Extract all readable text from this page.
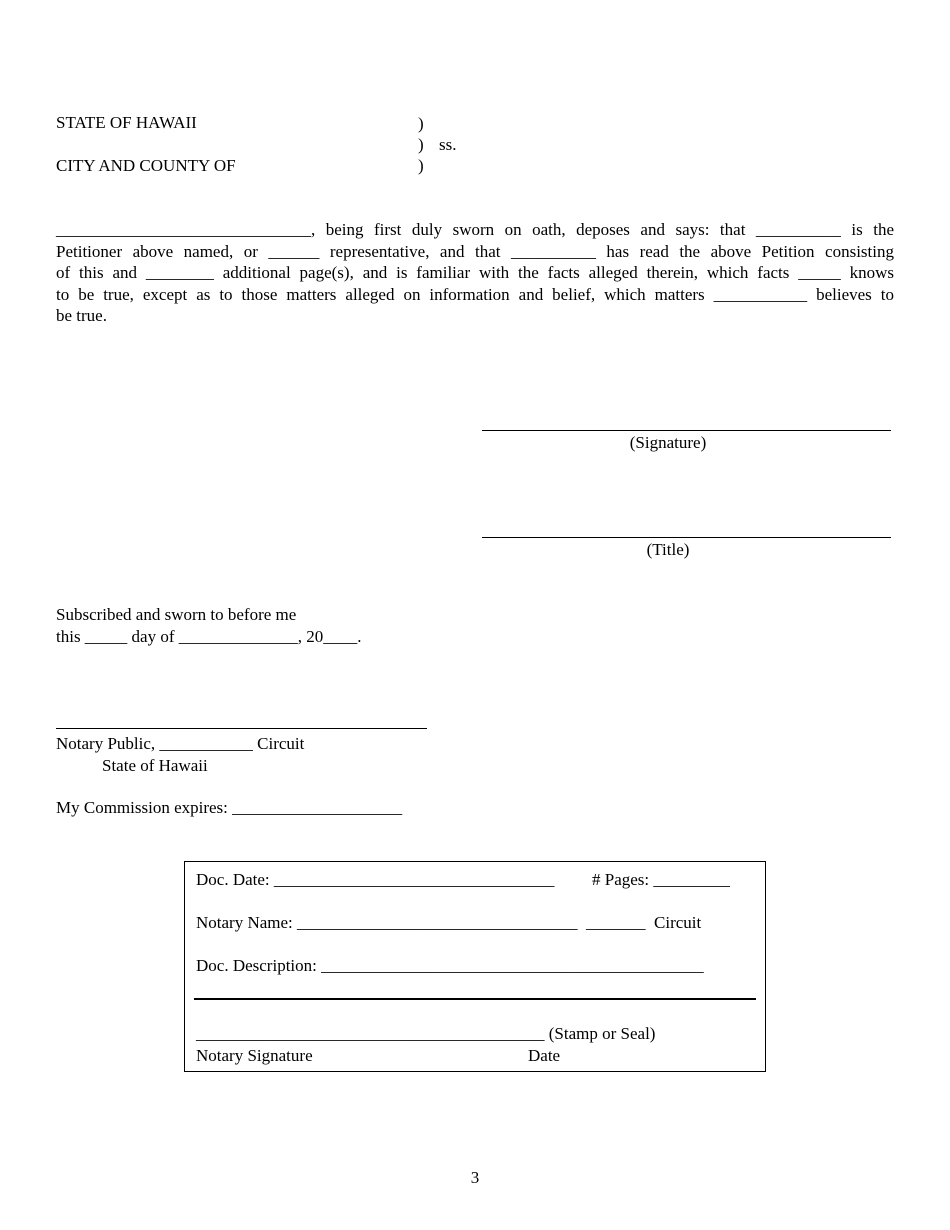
STATE OF HAWAII
CITY AND COUNTY OF
)
)
)
ss.
______________________________, being first duly sworn on oath, deposes and says: that __________ is the
Petitioner above named, or ______ representative, and that __________ has read the above Petition consisting
of this and ________ additional page(s), and is familiar with the facts alleged therein, which facts _____ knows
to be true, except as to those matters alleged on information and belief, which matters ___________ believes to
be true.
(Signature)
(Title)
Subscribed and sworn to before me
this _____ day of ______________, 20____.
Notary Public, ___________ Circuit
State of Hawaii
My Commission expires: ____________________
Doc. Date: _________________________________ # Pages: _________
Notary Name: _________________________________  _______  Circuit
Doc. Description: _____________________________________________
_________________________________________ (Stamp or Seal)
Notary Signature	Date
3
